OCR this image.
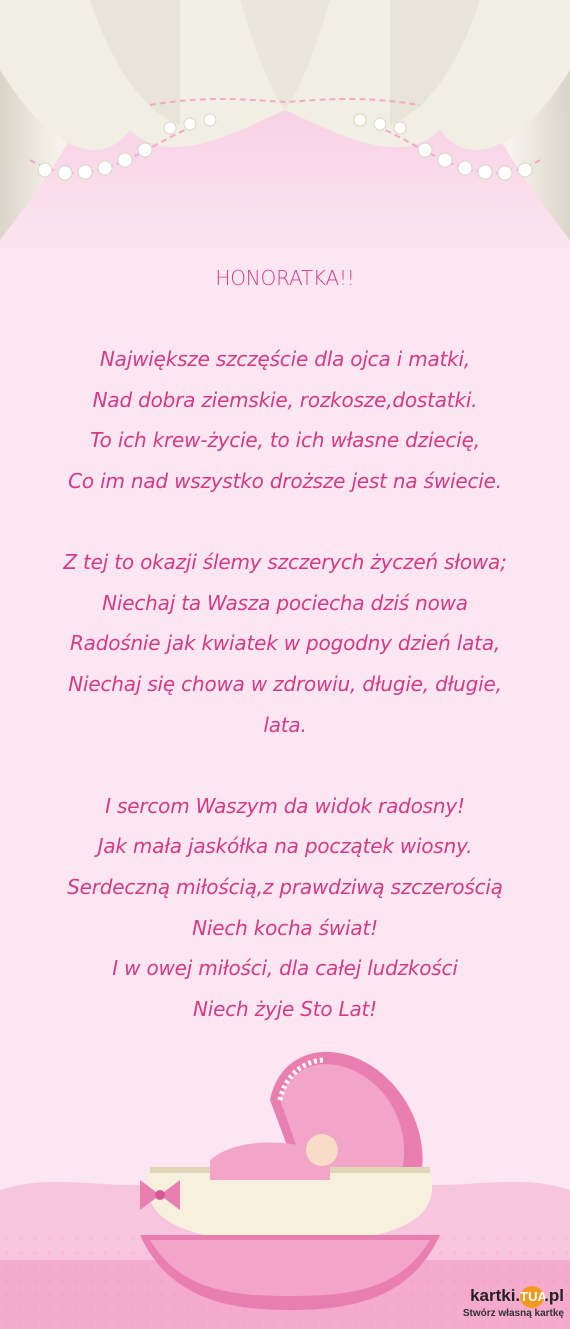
HONORATKA!!
Największe szczęście dla ojca i matki,
Nad dobra ziemskie, rozkosze,dostatki.
To ich krew-życie, to ich własne dziecię,
Co im nad wszystko droższe jest na świecie.
Z tej to okazji ślemy szczerych życzeń słowa;
Niechaj ta Wasza pociecha dziś nowa
Radośnie jak kwiatek w pogodny dzień lata,
Niechaj się chowa w zdrowiu, długie, długie,
lata.
I sercom Waszym da widok radosny!
Jak mała jaskółka na początek wiosny.
Serdeczną miłością,z prawdziwą szczerością
Niech kocha świat!
I w owej miłości, dla całej ludzkości
Niech żyje Sto Lat!
kartki.TUA.pl
Stwórz własną kartkę
